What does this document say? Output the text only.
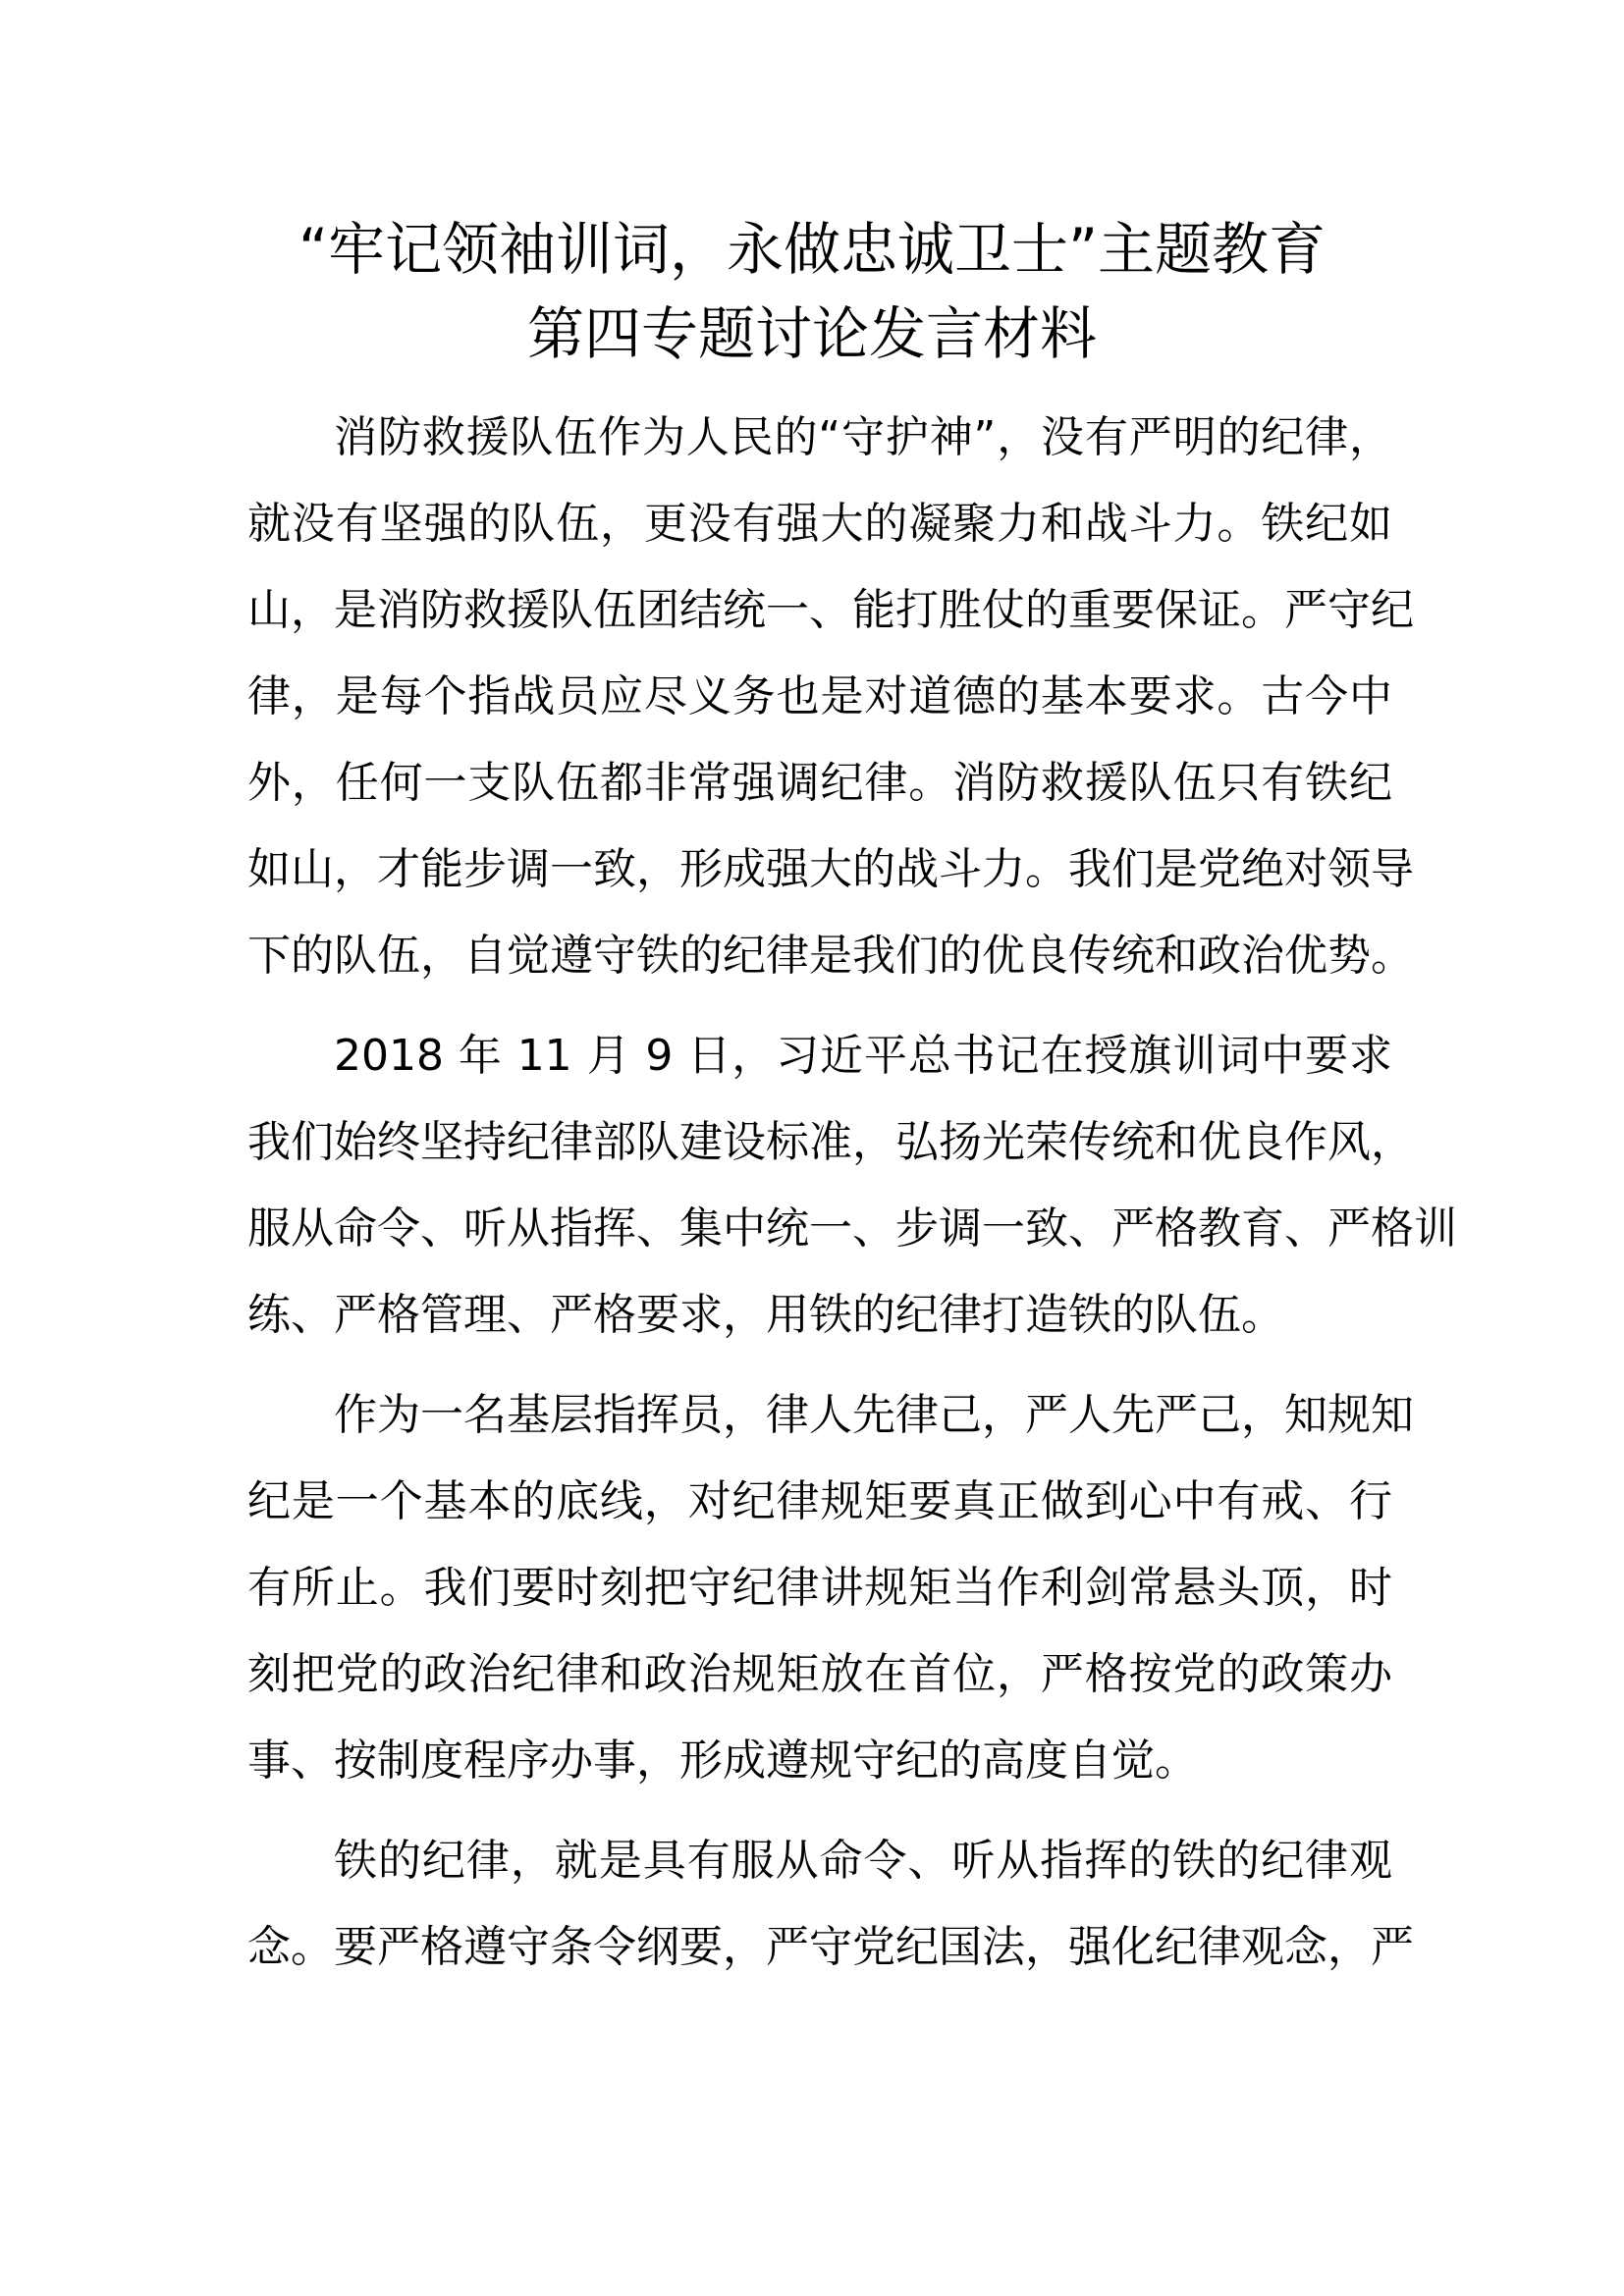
“牢记领袖训词，永做忠诚卫士”主题教育
第四专题讨论发言材料
消防救援队伍作为人民的“守护神”，没有严明的纪律，
就没有坚强的队伍，更没有强大的凝聚力和战斗力。铁纪如
山，是消防救援队伍团结统一、能打胜仗的重要保证。严守纪
律，是每个指战员应尽义务也是对道德的基本要求。古今中
外，任何一支队伍都非常强调纪律。消防救援队伍只有铁纪
如山，才能步调一致，形成强大的战斗力。我们是党绝对领导
下的队伍，自觉遵守铁的纪律是我们的优良传统和政治优势。
2018 年 11 月 9 日，习近平总书记在授旗训词中要求
我们始终坚持纪律部队建设标准，弘扬光荣传统和优良作风，
服从命令、听从指挥、集中统一、步调一致、严格教育、严格训
练、严格管理、严格要求，用铁的纪律打造铁的队伍。
作为一名基层指挥员，律人先律己，严人先严己，知规知
纪是一个基本的底线，对纪律规矩要真正做到心中有戒、行
有所止。我们要时刻把守纪律讲规矩当作利剑常悬头顶，时
刻把党的政治纪律和政治规矩放在首位，严格按党的政策办
事、按制度程序办事，形成遵规守纪的高度自觉。
铁的纪律，就是具有服从命令、听从指挥的铁的纪律观
念。要严格遵守条令纲要，严守党纪国法，强化纪律观念，严
